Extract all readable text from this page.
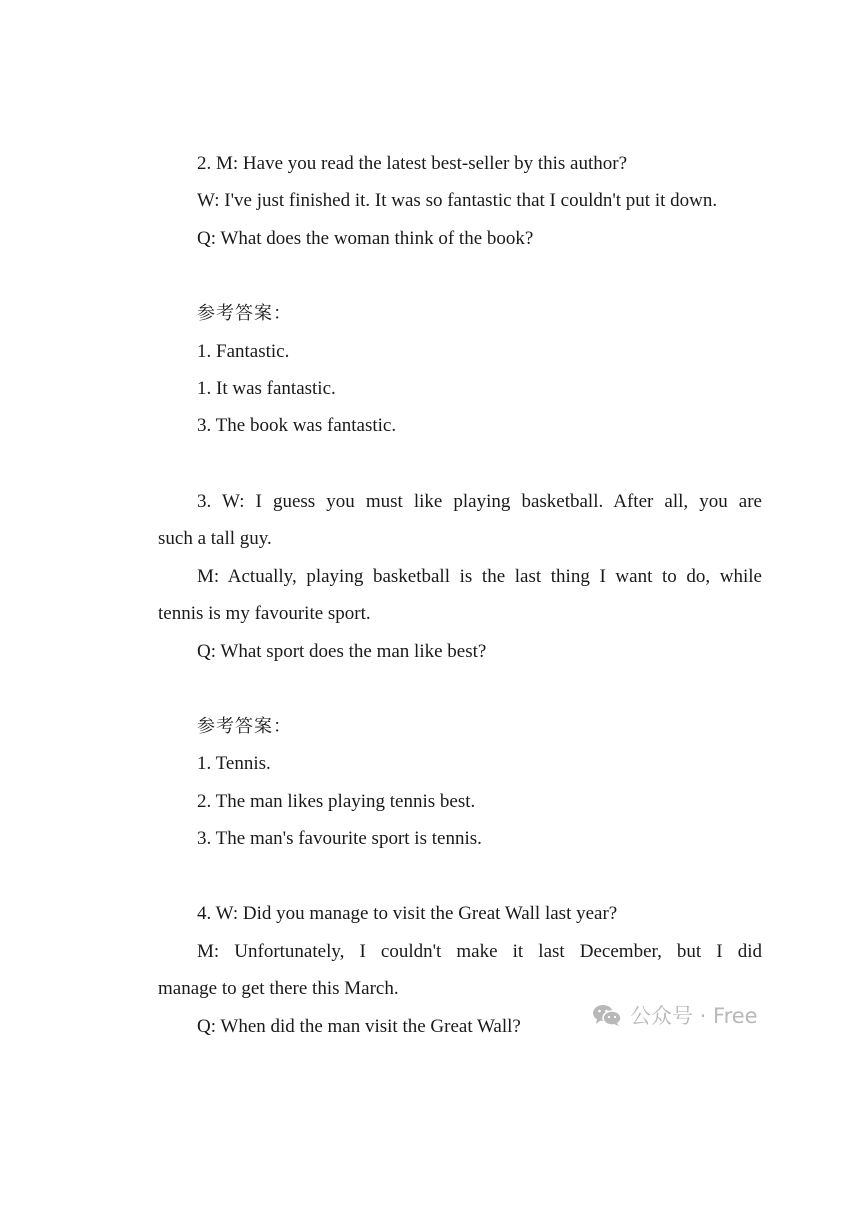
2. M: Have you read the latest best-seller by this author?
W: I've just finished it. It was so fantastic that I couldn't put it down.
Q: What does the woman think of the book?
参考答案：
1. Fantastic.
1. It was fantastic.
3. The book was fantastic.
3. W: I guess you must like playing basketball. After all, you are
such a tall guy.
M: Actually, playing basketball is the last thing I want to do, while
tennis is my favourite sport.
Q: What sport does the man like best?
参考答案：
1. Tennis.
2. The man likes playing tennis best.
3. The man's favourite sport is tennis.
4. W: Did you manage to visit the Great Wall last year?
M: Unfortunately, I couldn't make it last December, but I did
manage to get there this March.
Q: When did the man visit the Great Wall?	公众号 · Free
